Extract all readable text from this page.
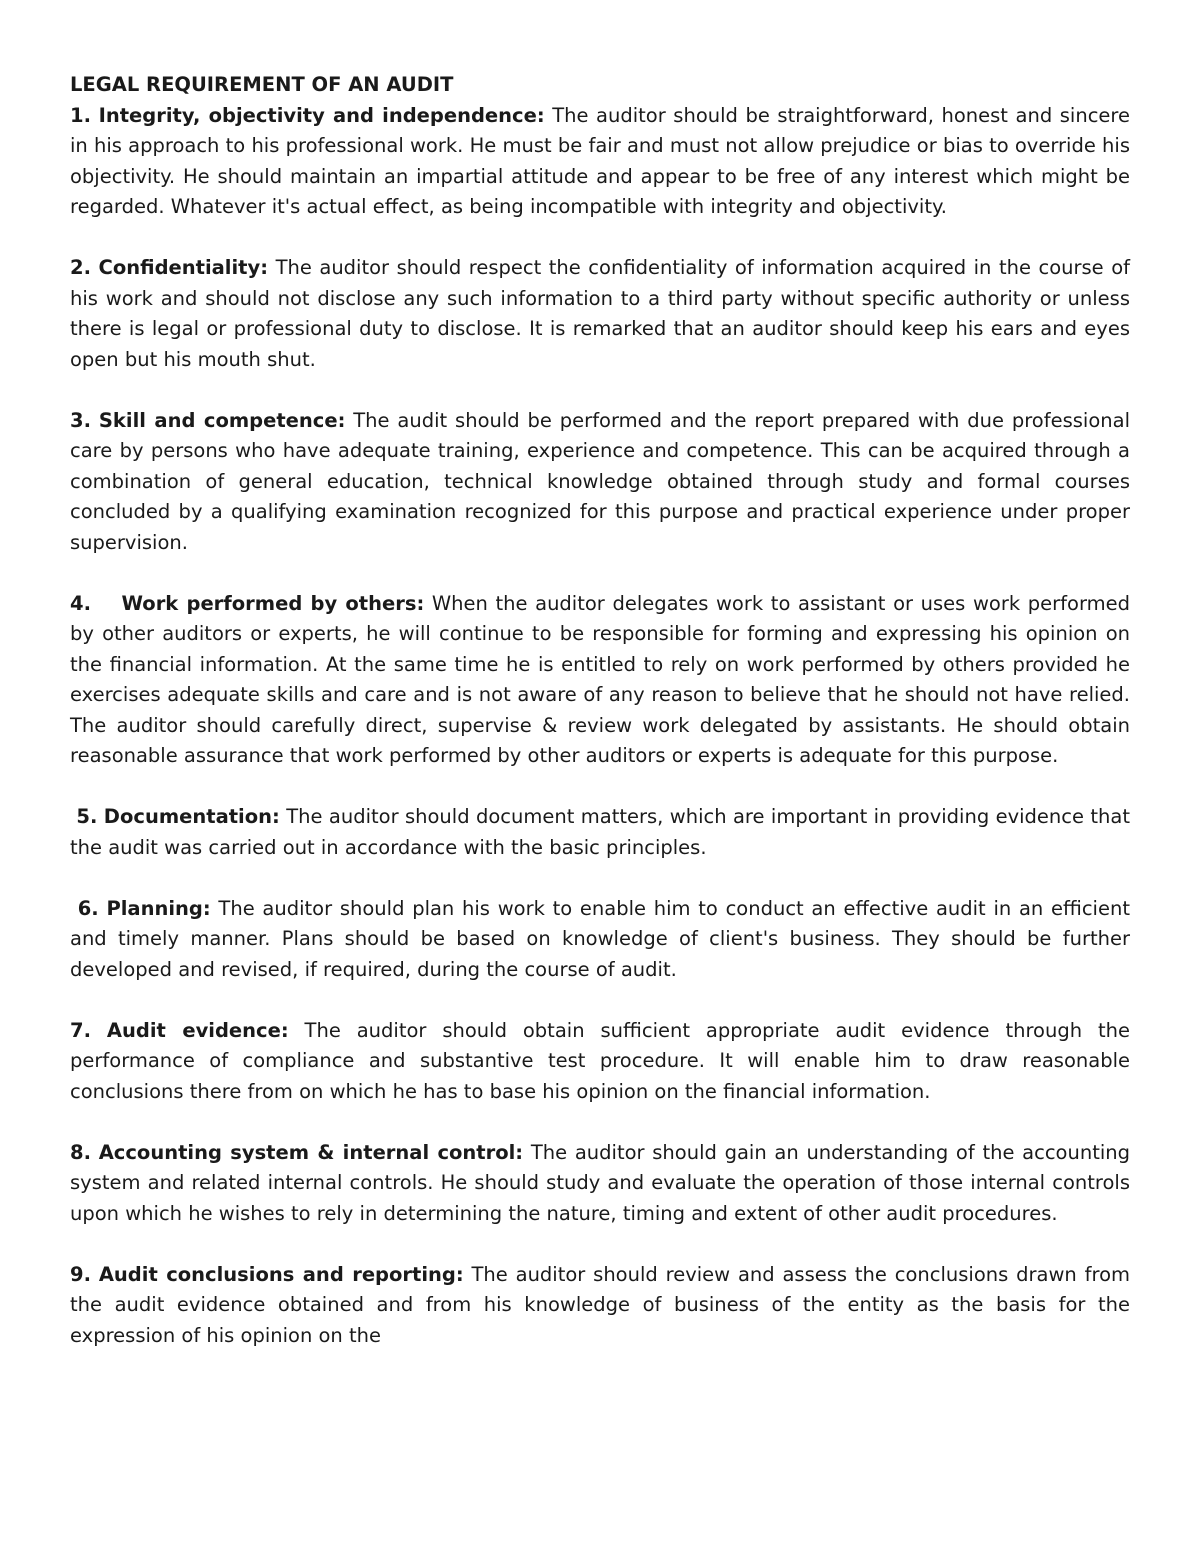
LEGAL REQUIREMENT OF AN AUDIT

1. Integrity, objectivity and independence: The auditor should be straightforward, honest and sincere in his approach to his professional work. He must be fair and must not allow prejudice or bias to override his objectivity. He should maintain an impartial attitude and appear to be free of any interest which might be regarded. Whatever it's actual effect, as being incompatible with integrity and objectivity.

2. Confidentiality: The auditor should respect the confidentiality of information acquired in the course of his work and should not disclose any such information to a third party without specific authority or unless there is legal or professional duty to disclose. It is remarked that an auditor should keep his ears and eyes open but his mouth shut.

3. Skill and competence: The audit should be performed and the report prepared with due professional care by persons who have adequate training, experience and competence. This can be acquired through a combination of general education, technical knowledge obtained through study and formal courses concluded by a qualifying examination recognized for this purpose and practical experience under proper supervision.

4. Work performed by others: When the auditor delegates work to assistant or uses work performed by other auditors or experts, he will continue to be responsible for forming and expressing his opinion on the financial information. At the same time he is entitled to rely on work performed by others provided he exercises adequate skills and care and is not aware of any reason to believe that he should not have relied. The auditor should carefully direct, supervise & review work delegated by assistants. He should obtain reasonable assurance that work performed by other auditors or experts is adequate for this purpose.

5. Documentation: The auditor should document matters, which are important in providing evidence that the audit was carried out in accordance with the basic principles.

6. Planning: The auditor should plan his work to enable him to conduct an effective audit in an efficient and timely manner. Plans should be based on knowledge of client's business. They should be further developed and revised, if required, during the course of audit.

7. Audit evidence: The auditor should obtain sufficient appropriate audit evidence through the performance of compliance and substantive test procedure. It will enable him to draw reasonable conclusions there from on which he has to base his opinion on the financial information.

8. Accounting system & internal control: The auditor should gain an understanding of the accounting system and related internal controls. He should study and evaluate the operation of those internal controls upon which he wishes to rely in determining the nature, timing and extent of other audit procedures.

9. Audit conclusions and reporting: The auditor should review and assess the conclusions drawn from the audit evidence obtained and from his knowledge of business of the entity as the basis for the expression of his opinion on the
